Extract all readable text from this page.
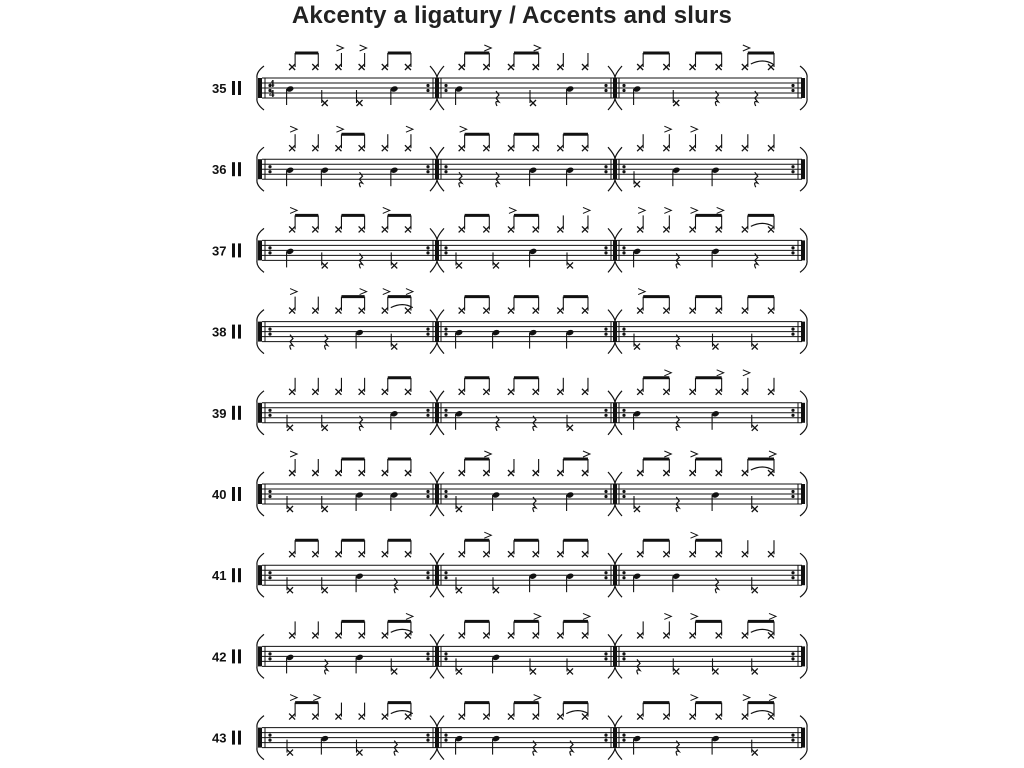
Akcenty a ligatury / Accents and slurs
35	4
4
36
37
38
39
40
41
42
43
